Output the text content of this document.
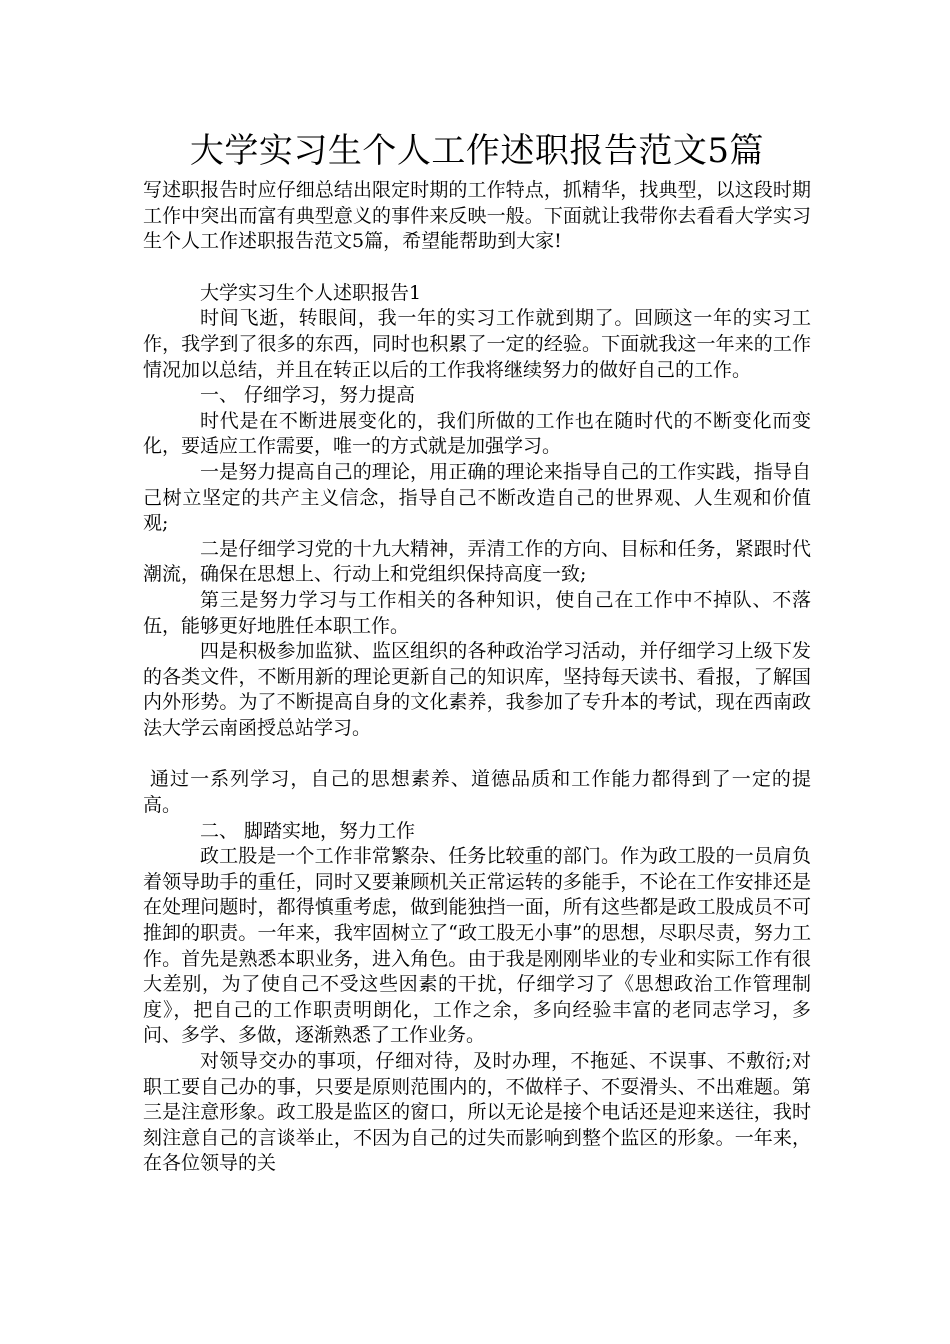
大学实习生个人工作述职报告范文5篇

写述职报告时应仔细总结出限定时期的工作特点，抓精华，找典型，以这段时期工作中突出而富有典型意义的事件来反映一般。下面就让我带你去看看大学实习生个人工作述职报告范文5篇，希望能帮助到大家!

大学实习生个人述职报告1

时间飞逝，转眼间，我一年的实习工作就到期了。回顾这一年的实习工作，我学到了很多的东西，同时也积累了一定的经验。下面就我这一年来的工作情况加以总结，并且在转正以后的工作我将继续努力的做好自己的工作。

一、 仔细学习，努力提高

时代是在不断进展变化的，我们所做的工作也在随时代的不断变化而变化，要适应工作需要，唯一的方式就是加强学习。

一是努力提高自己的理论，用正确的理论来指导自己的工作实践，指导自己树立坚定的共产主义信念，指导自己不断改造自己的世界观、人生观和价值观;

二是仔细学习党的十九大精神，弄清工作的方向、目标和任务，紧跟时代潮流，确保在思想上、行动上和党组织保持高度一致;

第三是努力学习与工作相关的各种知识，使自己在工作中不掉队、不落伍，能够更好地胜任本职工作。

四是积极参加监狱、监区组织的各种政治学习活动，并仔细学习上级下发的各类文件，不断用新的理论更新自己的知识库，坚持每天读书、看报，了解国内外形势。为了不断提高自身的文化素养，我参加了专升本的考试，现在西南政法大学云南函授总站学习。

通过一系列学习，自己的思想素养、道德品质和工作能力都得到了一定的提高。

二、 脚踏实地，努力工作

政工股是一个工作非常繁杂、任务比较重的部门。作为政工股的一员肩负着领导助手的重任，同时又要兼顾机关正常运转的多能手，不论在工作安排还是在处理问题时，都得慎重考虑，做到能独挡一面，所有这些都是政工股成员不可推卸的职责。一年来，我牢固树立了“政工股无小事”的思想，尽职尽责，努力工作。首先是熟悉本职业务，进入角色。由于我是刚刚毕业的专业和实际工作有很大差别，为了使自己不受这些因素的干扰，仔细学习了《思想政治工作管理制度》，把自己的工作职责明朗化，工作之余，多向经验丰富的老同志学习，多问、多学、多做，逐渐熟悉了工作业务。

对领导交办的事项，仔细对待，及时办理，不拖延、不误事、不敷衍;对职工要自己办的事，只要是原则范围内的，不做样子、不耍滑头、不出难题。第三是注意形象。政工股是监区的窗口，所以无论是接个电话还是迎来送往，我时刻注意自己的言谈举止，不因为自己的过失而影响到整个监区的形象。一年来，在各位领导的关
